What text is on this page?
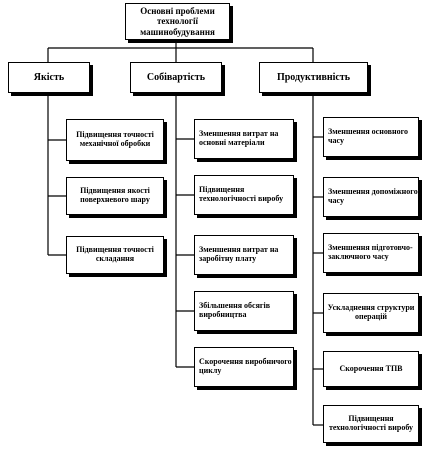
Основні проблеми технології машинобудування
Якість	Собівартість	Продуктивність
Підвищення точності механічної обробки
Підвищення якості поверхневого шару
Підвищення точності складання
Зменшення витрат на основні матеріали
Підвищення технологічності виробу
Зменшення витрат на заробітну плату
Збільшення обсягів виробництва
Скорочення виробничого циклу
Зменшення основного часу
Зменшення допоміжного часу
Зменшення підготовчо-заключного часу
Ускладнення структури операцій
Скорочення ТПВ
Підвищення технологічності виробу
